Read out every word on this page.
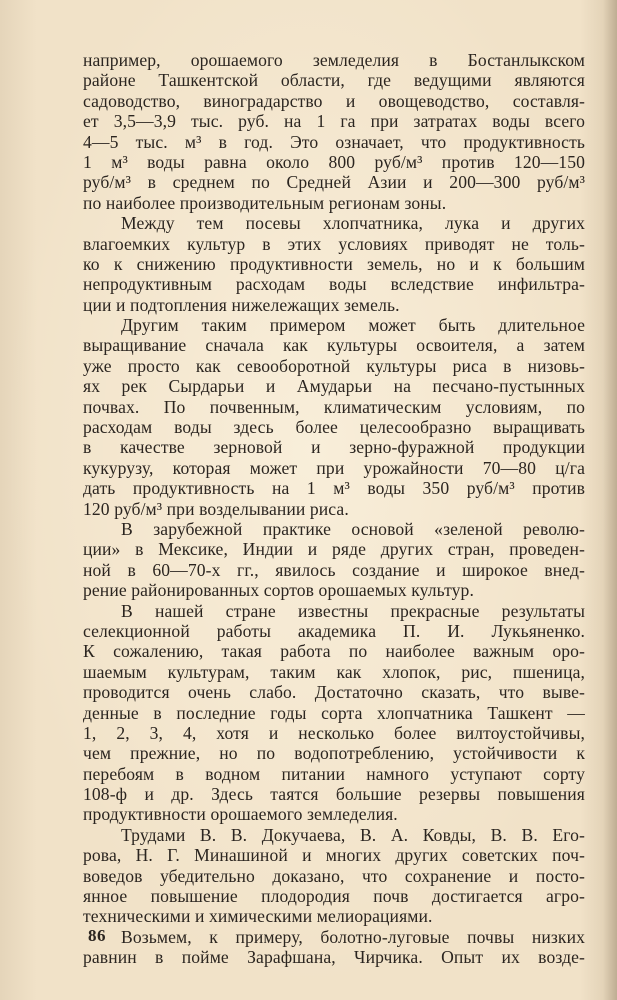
например, орошаемого земледелия в Бостанлыкском
районе Ташкентской области, где ведущими являются
садоводство, виноградарство и овощеводство, составля-
ет 3,5—3,9 тыс. руб. на 1 га при затратах воды всего
4—5 тыс. м³ в год. Это означает, что продуктивность
1 м³ воды равна около 800 руб/м³ против 120—150
руб/м³ в среднем по Средней Азии и 200—300 руб/м³
по наиболее производительным регионам зоны.
Между тем посевы хлопчатника, лука и других
влагоемких культур в этих условиях приводят не толь-
ко к снижению продуктивности земель, но и к большим
непродуктивным расходам воды вследствие инфильтра-
ции и подтопления нижележащих земель.
Другим таким примером может быть длительное
выращивание сначала как культуры освоителя, а затем
уже просто как севооборотной культуры риса в низовь-
ях рек Сырдарьи и Амударьи на песчано-пустынных
почвах. По почвенным, климатическим условиям, по
расходам воды здесь более целесообразно выращивать
в качестве зерновой и зерно-фуражной продукции
кукурузу, которая может при урожайности 70—80 ц/га
дать продуктивность на 1 м³ воды 350 руб/м³ против
120 руб/м³ при возделывании риса.
В зарубежной практике основой «зеленой револю-
ции» в Мексике, Индии и ряде других стран, проведен-
ной в 60—70-х гг., явилось создание и широкое внед-
рение районированных сортов орошаемых культур.
В нашей стране известны прекрасные результаты
селекционной работы академика П. И. Лукьяненко.
К сожалению, такая работа по наиболее важным оро-
шаемым культурам, таким как хлопок, рис, пшеница,
проводится очень слабо. Достаточно сказать, что выве-
денные в последние годы сорта хлопчатника Ташкент —
1, 2, 3, 4, хотя и несколько более вилтоустойчивы,
чем прежние, но по водопотреблению, устойчивости к
перебоям в водном питании намного уступают сорту
108-ф и др. Здесь таятся большие резервы повышения
продуктивности орошаемого земледелия.
Трудами В. В. Докучаева, В. А. Ковды, В. В. Его-
рова, Н. Г. Минашиной и многих других советских поч-
воведов убедительно доказано, что сохранение и посто-
янное повышение плодородия почв достигается агро-
техническими и химическими мелиорациями.
Возьмем, к примеру, болотно-луговые почвы низких
равнин в пойме Зарафшана, Чирчика. Опыт их возде-
86
